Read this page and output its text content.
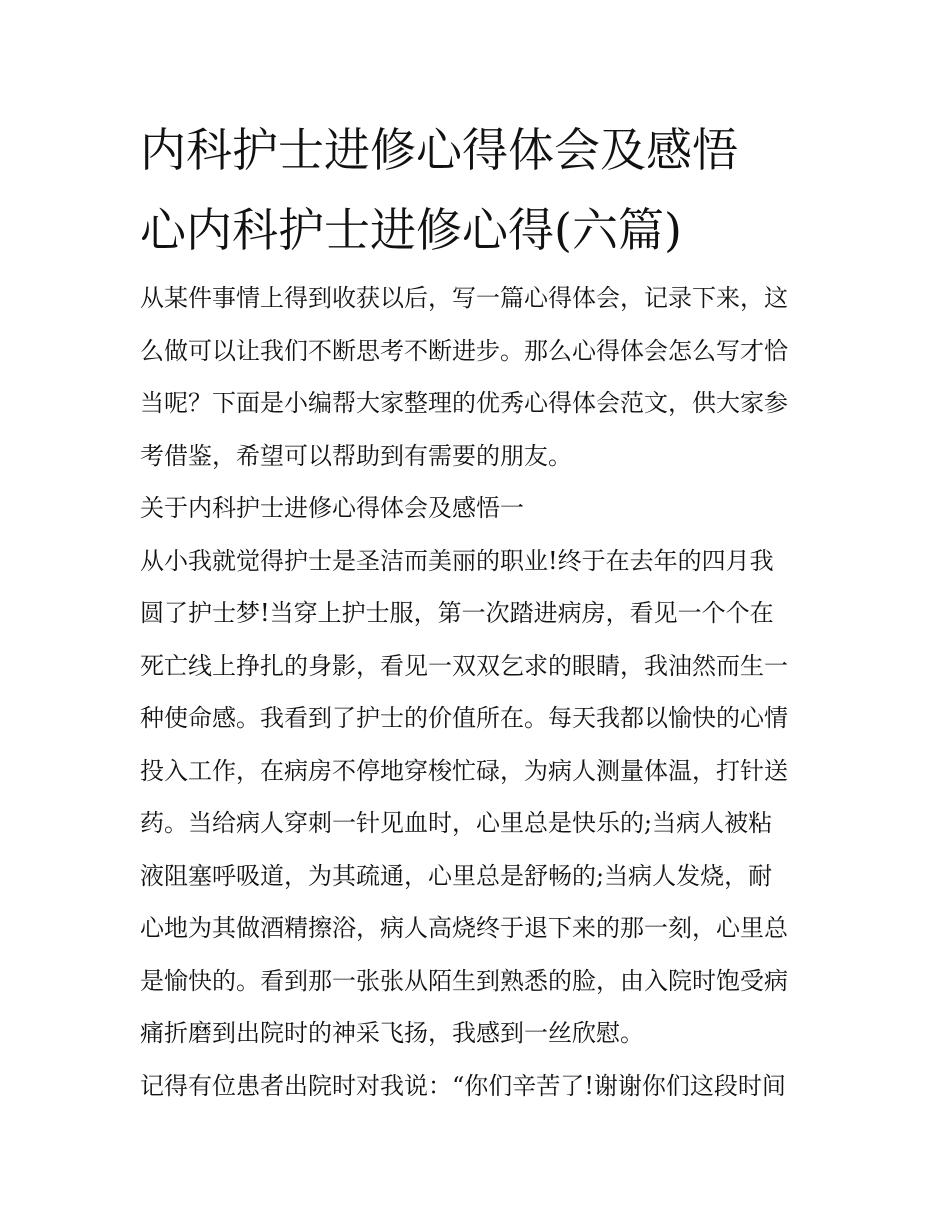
内科护士进修心得体会及感悟
心内科护士进修心得(六篇)
从某件事情上得到收获以后，写一篇心得体会，记录下来，这
么做可以让我们不断思考不断进步。那么心得体会怎么写才恰
当呢？下面是小编帮大家整理的优秀心得体会范文，供大家参
考借鉴，希望可以帮助到有需要的朋友。
关于内科护士进修心得体会及感悟一
从小我就觉得护士是圣洁而美丽的职业!终于在去年的四月我
圆了护士梦!当穿上护士服，第一次踏进病房，看见一个个在
死亡线上挣扎的身影，看见一双双乞求的眼睛，我油然而生一
种使命感。我看到了护士的价值所在。每天我都以愉快的心情
投入工作，在病房不停地穿梭忙碌，为病人测量体温，打针送
药。当给病人穿刺一针见血时，心里总是快乐的;当病人被粘
液阻塞呼吸道，为其疏通，心里总是舒畅的;当病人发烧，耐
心地为其做酒精擦浴，病人高烧终于退下来的那一刻，心里总
是愉快的。看到那一张张从陌生到熟悉的脸，由入院时饱受病
痛折磨到出院时的神采飞扬，我感到一丝欣慰。
记得有位患者出院时对我说：“你们辛苦了!谢谢你们这段时间
